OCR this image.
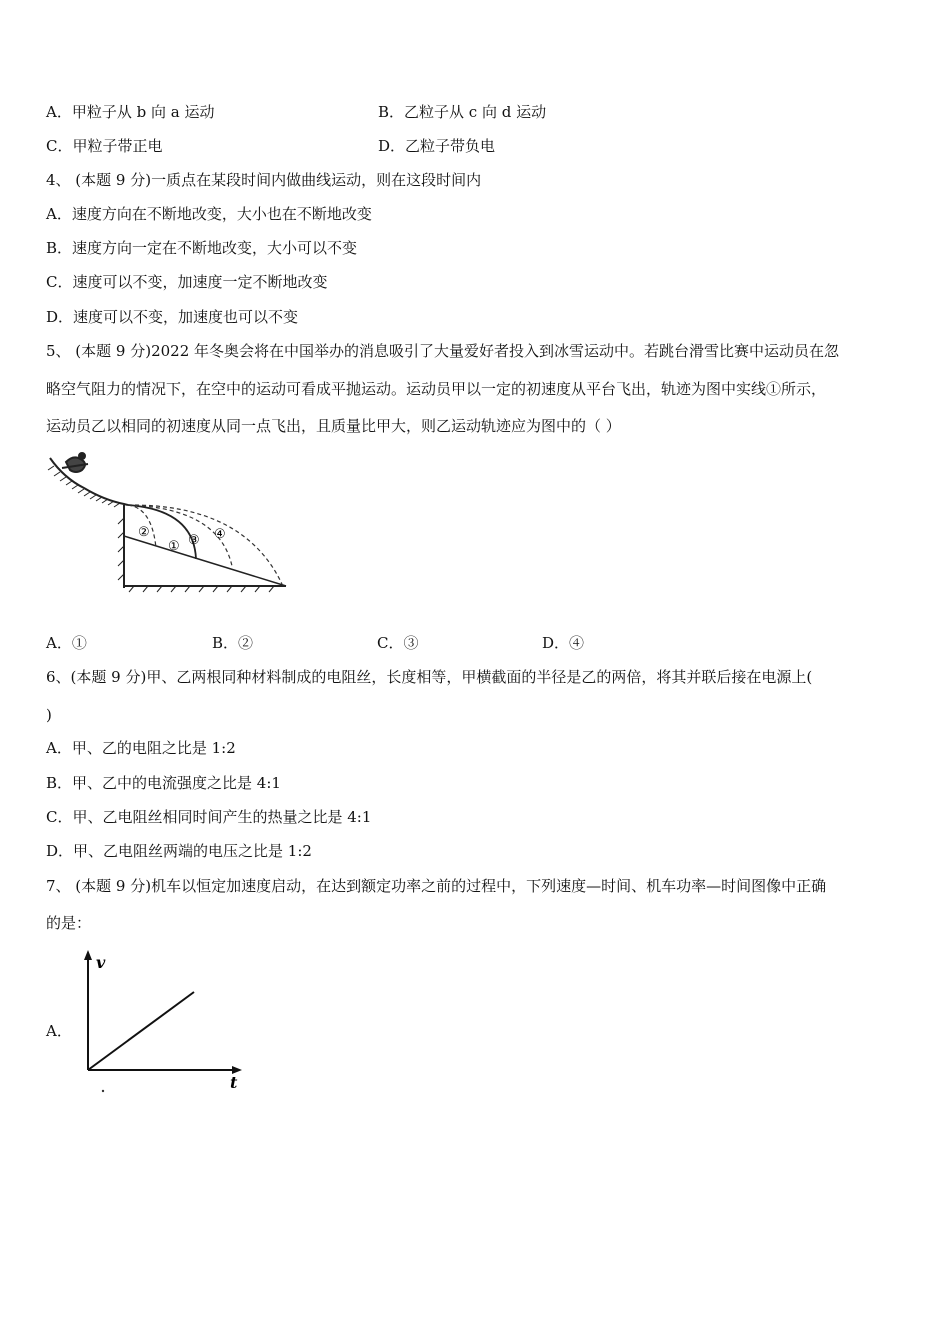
A．甲粒子从 b 向 a 运动	B．乙粒子从 c 向 d 运动
C．甲粒子带正电	D．乙粒子带负电
4、 (本题 9 分)一质点在某段时间内做曲线运动，则在这段时间内
A．速度方向在不断地改变，大小也在不断地改变
B．速度方向一定在不断地改变，大小可以不变
C．速度可以不变，加速度一定不断地改变
D．速度可以不变，加速度也可以不变
5、 (本题 9 分)2022 年冬奥会将在中国举办的消息吸引了大量爱好者投入到冰雪运动中。若跳台滑雪比赛中运动员在忽
略空气阻力的情况下，在空中的运动可看成平抛运动。运动员甲以一定的初速度从平台飞出，轨迹为图中实线①所示，
运动员乙以相同的初速度从同一点飞出，且质量比甲大，则乙运动轨迹应为图中的（ ）
②
① ③ ④
A．①	B．②	C．③	D．④
6、(本题 9 分)甲、乙两根同种材料制成的电阻丝，长度相等，甲横截面的半径是乙的两倍，将其并联后接在电源上(
)
A．甲、乙的电阻之比是 1:2
B．甲、乙中的电流强度之比是 4:1
C．甲、乙电阻丝相同时间产生的热量之比是 4:1
D．甲、乙电阻丝两端的电压之比是 1:2
7、 (本题 9 分)机车以恒定加速度启动，在达到额定功率之前的过程中，下列速度—时间、机车功率—时间图像中正确
的是：
A．
v
t
